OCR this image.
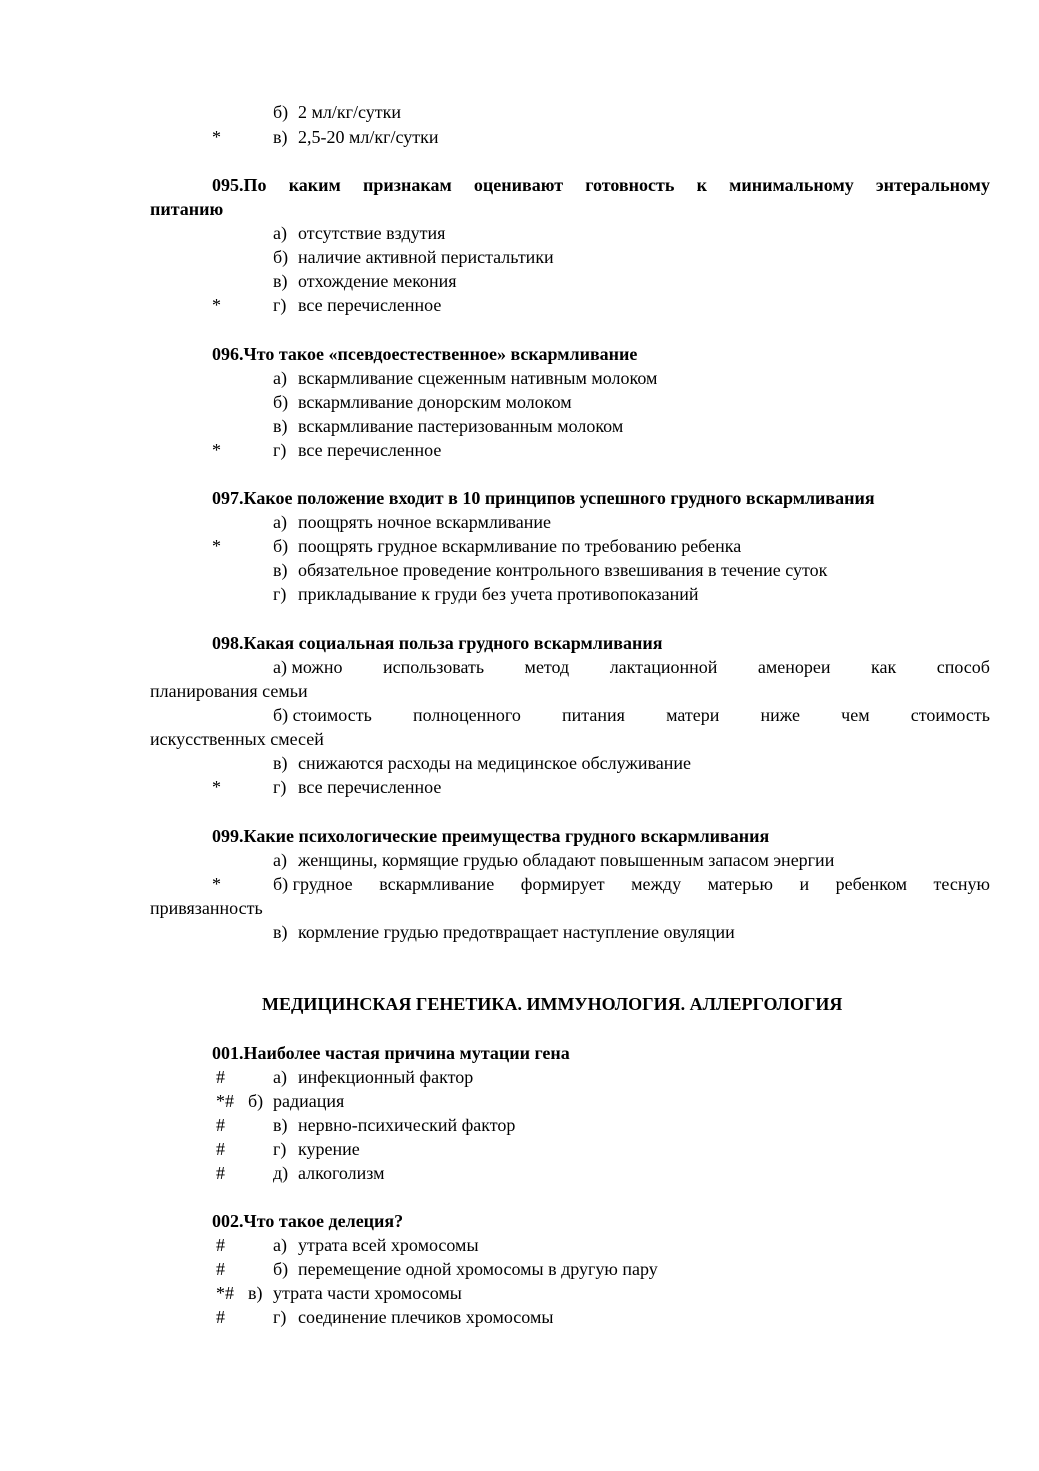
б) 2 мл/кг/сутки
*	в) 2,5-20 мл/кг/сутки
095.По каким признакам оценивают готовность к минимальному энтеральному
питанию
а) отсутствие вздутия
б) наличие активной перистальтики
в) отхождение мекония
*	г) все перечисленное
096.Что такое «псевдоестественное» вскармливание
а) вскармливание сцеженным нативным молоком
б) вскармливание донорским молоком
в) вскармливание пастеризованным молоком
*	г) все перечисленное
097.Какое положение входит в 10 принципов успешного грудного вскармливания
а) поощрять ночное вскармливание
*	б) поощрять грудное вскармливание по требованию ребенка
в) обязательное проведение контрольного взвешивания в течение суток
г) прикладывание к груди без учета противопоказаний
098.Какая социальная польза грудного вскармливания
а) можно использовать метод лактационной аменореи как способ
планирования семьи
б) стоимость полноценного питания матери ниже чем стоимость
искусственных смесей
в) снижаются расходы на медицинское обслуживание
*	г) все перечисленное
099.Какие психологические преимущества грудного вскармливания
а) женщины, кормящие грудью обладают повышенным запасом энергии
*	б) грудное вскармливание формирует между матерью и ребенком тесную
привязанность
в) кормление грудью предотвращает наступление овуляции
МЕДИЦИНСКАЯ ГЕНЕТИКА. ИММУНОЛОГИЯ. АЛЛЕРГОЛОГИЯ
001.Наиболее частая причина мутации гена
#	а) инфекционный фактор
*# б) радиация
#	в) нервно-психический фактор
#	г) курение
#	д) алкоголизм
002.Что такое делеция?
#	а) утрата всей хромосомы
#	б) перемещение одной хромосомы в другую пару
*# в) утрата части хромосомы
#	г) соединение плечиков хромосомы
